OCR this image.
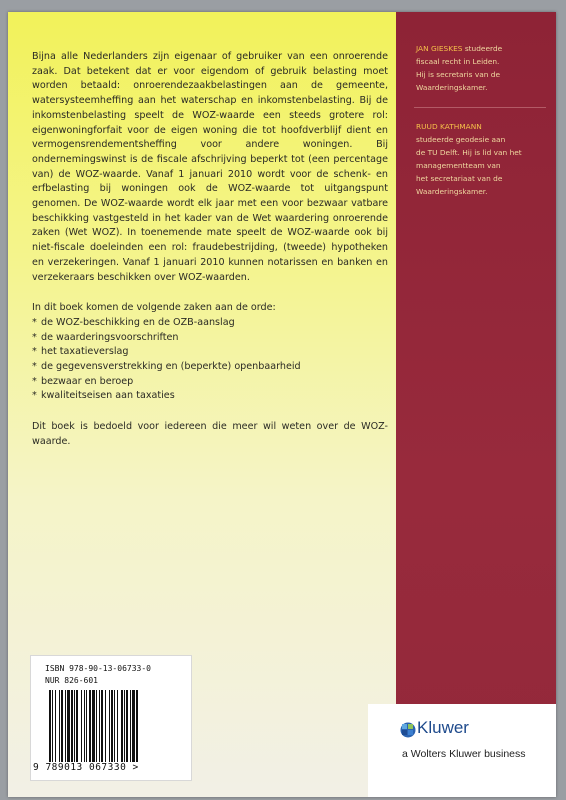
Bijna alle Nederlanders zijn eigenaar of gebruiker van een onroerende zaak. Dat betekent dat er voor eigendom of gebruik belasting moet worden betaald: onroerendezaakbelastingen aan de gemeente, watersysteemheffing aan het waterschap en inkomstenbelasting. Bij de inkomstenbelasting speelt de WOZ-waarde een steeds grotere rol: eigenwoningforfait voor de eigen woning die tot hoofdverblijf dient en vermogensrendementsheffing voor andere woningen. Bij ondernemingswinst is de fiscale afschrijving beperkt tot (een percentage van) de WOZ-waarde. Vanaf 1 januari 2010 wordt voor de schenk- en erfbelasting bij woningen ook de WOZ-waarde tot uitgangspunt genomen. De WOZ-waarde wordt elk jaar met een voor bezwaar vatbare beschikking vastgesteld in het kader van de Wet waardering onroerende zaken (Wet WOZ). In toenemende mate speelt de WOZ-waarde ook bij niet-fiscale doeleinden een rol: fraudebestrijding, (tweede) hypotheken en verzekeringen. Vanaf 1 januari 2010 kunnen notarissen en banken en verzekeraars beschikken over WOZ-waarden.

In dit boek komen de volgende zaken aan de orde:

* de WOZ-beschikking en de OZB-aanslag
* de waarderingsvoorschriften
* het taxatieverslag
* de gegevensverstrekking en (beperkte) openbaarheid
* bezwaar en beroep
* kwaliteitseisen aan taxaties

Dit boek is bedoeld voor iedereen die meer wil weten over de WOZ-waarde.

ISBN 978-90-13-06733-0
NUR 826-601
9 789013 067330 >
JAN GIESKES studeerde
fiscaal recht in Leiden.
Hij is secretaris van de
Waarderingskamer.
RUUD KATHMANN
studeerde geodesie aan
de TU Delft. Hij is lid van het
managementteam van
het secretariaat van de
Waarderingskamer.
Kluwer
a Wolters Kluwer business
